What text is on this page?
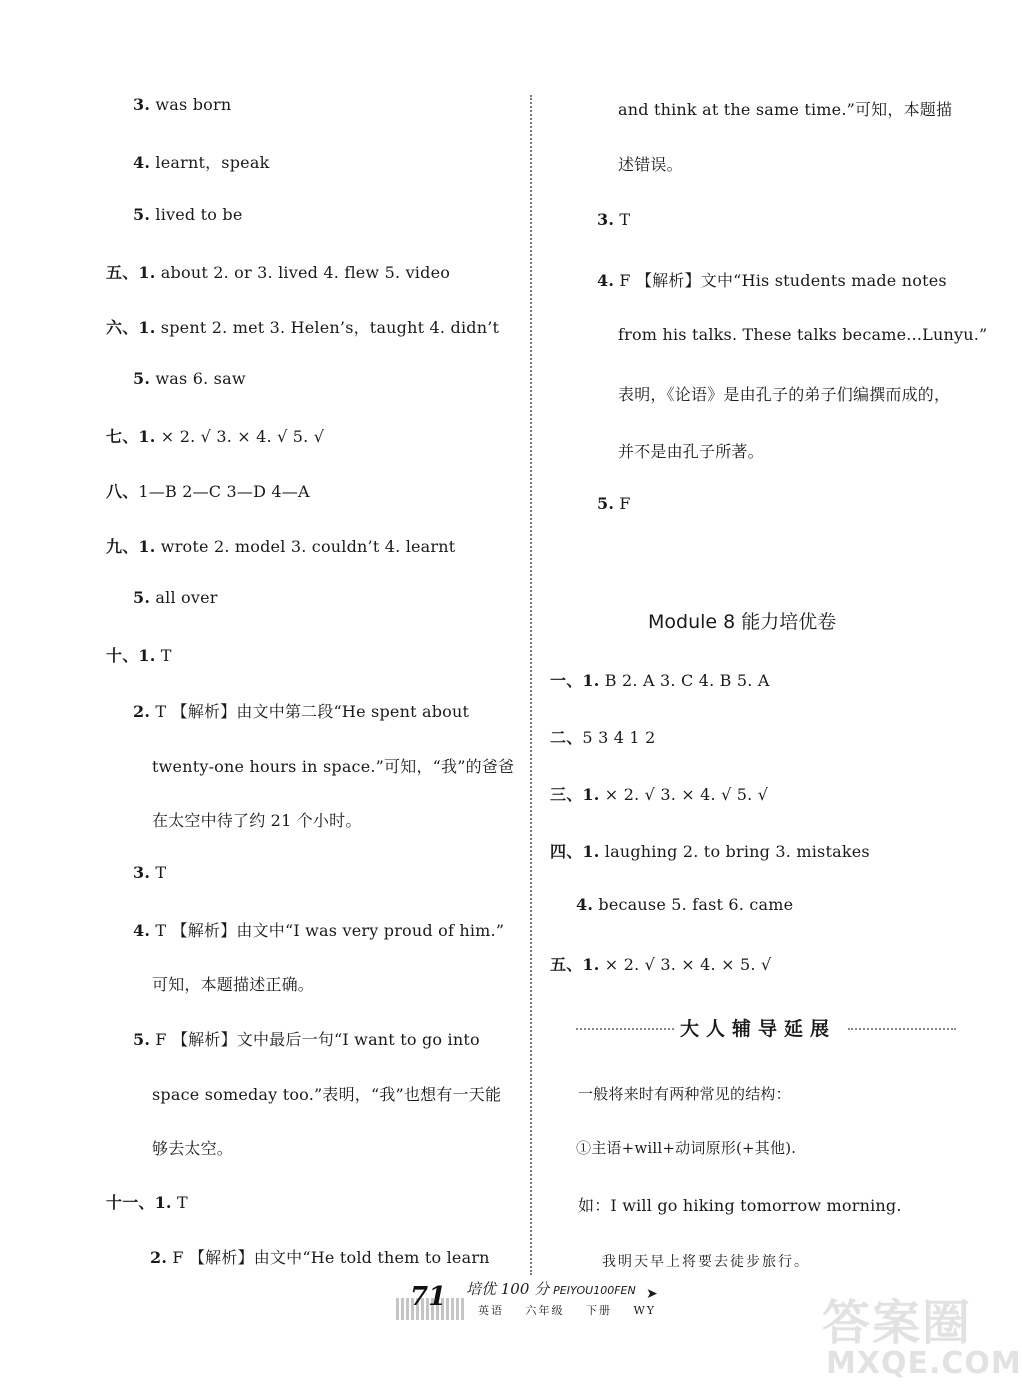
3. was born
4. learnt，speak
5. lived to be
五、1. about 2. or 3. lived 4. flew 5. video
六、1. spent 2. met 3. Helen’s，taught 4. didn’t
5. was 6. saw
七、1. × 2. √ 3. × 4. √ 5. √
八、1—B 2—C 3—D 4—A
九、1. wrote 2. model 3. couldn’t 4. learnt
5. all over
十、1. T
2. T 【解析】由文中第二段“He spent about
twenty-one hours in space.”可知，“我”的爸爸
在太空中待了约 21 个小时。
3. T
4. T 【解析】由文中“I was very proud of him.”
可知，本题描述正确。
5. F 【解析】文中最后一句“I want to go into
space someday too.”表明，“我”也想有一天能
够去太空。
十一、1. T
2. F 【解析】由文中“He told them to learn
and think at the same time.”可知，本题描
述错误。
3. T
4. F 【解析】文中“His students made notes
from his talks. These talks became...Lunyu.”
表明，《论语》是由孔子的弟子们编撰而成的，
并不是由孔子所著。
5. F
Module 8 能力培优卷
一、1. B 2. A 3. C 4. B 5. A
二、5 3 4 1 2
三、1. × 2. √ 3. × 4. √ 5. √
四、1. laughing 2. to bring 3. mistakes
4. because 5. fast 6. came
五、1. × 2. √ 3. × 4. × 5. √
大人辅导延展
一般将来时有两种常见的结构：
①主语+will+动词原形(+其他).
如：I will go hiking tomorrow morning.
我明天早上将要去徒步旅行。
71 培优 100 分 PEIYOU100FEN
英语 六年级 下册 WY
➤
答案圈
MXQE.COM
